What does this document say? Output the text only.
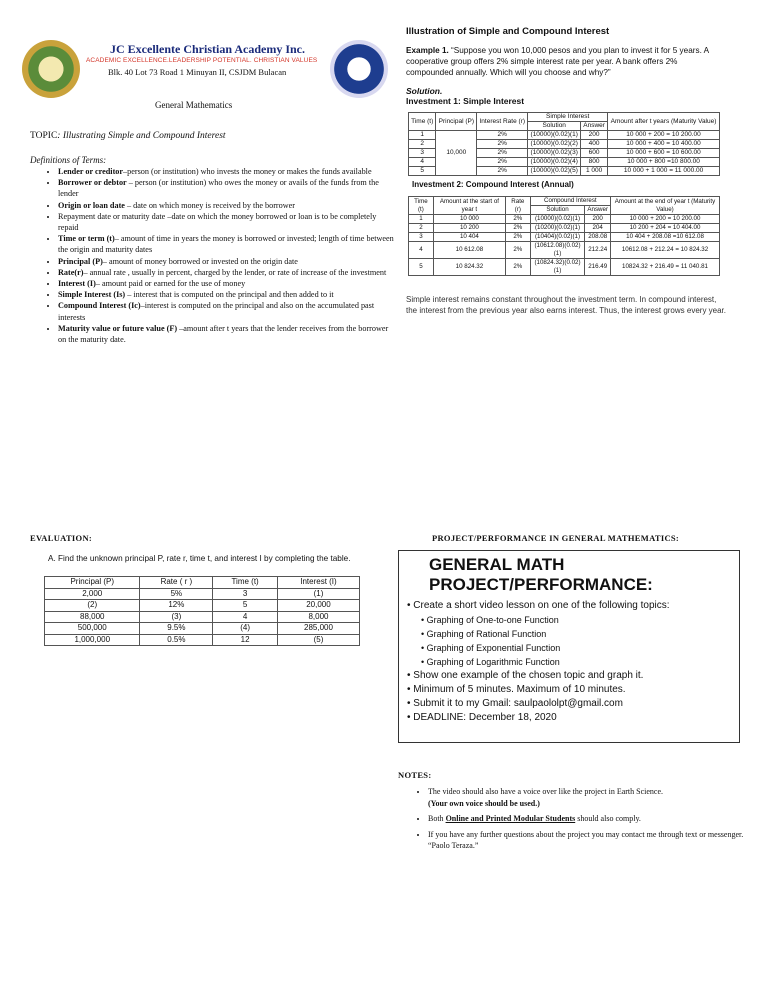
JC Excellente Christian Academy Inc.
ACADEMIC EXCELLENCE.LEADERSHIP POTENTIAL. CHRISTIAN VALUES
Blk. 40 Lot 73 Road 1 Minuyan II, CSJDM Bulacan
General Mathematics
TOPIC: Illustrating Simple and Compound Interest
Definitions of Terms:
• Lender or creditor–person (or institution) who invests the money or makes the funds available
• Borrower or debtor – person (or institution) who owes the money or avails of the funds from the lender
• Origin or loan date – date on which money is received by the borrower
• Repayment date or maturity date –date on which the money borrowed or loan is to be completely repaid
• Time or term (t)– amount of time in years the money is borrowed or invested; length of time between the origin and maturity dates
• Principal (P)– amount of money borrowed or invested on the origin date
• Rate(r)– annual rate , usually in percent, charged by the lender, or rate of increase of the investment
• Interest (I)– amount paid or earned for the use of money
• Simple Interest (Is) – interest that is computed on the principal and then added to it
• Compound Interest (Ic)–interest is computed on the principal and also on the accumulated past interests
• Maturity value or future value (F) –amount after t years that the lender receives from the borrower on the maturity date.
Illustration of Simple and Compound Interest
Example 1. “Suppose you won 10,000 pesos and you plan to invest it for 5 years. A cooperative group offers 2% simple interest rate per year. A bank offers 2% compounded annually. Which will you choose and why?”
Solution.
Investment 1: Simple Interest
Time (t)	Principal (P)	Interest Rate (r)	Simple Interest		Amount after t years (Maturity Value)
			Solution	Answer	
1	10,000	2%	(10000)(0.02)(1)	200	10 000 + 200 = 10 200.00
2		2%	(10000)(0.02)(2)	400	10 000 + 400 = 10 400.00
3		2%	(10000)(0.02)(3)	600	10 000 + 600 = 10 600.00
4		2%	(10000)(0.02)(4)	800	10 000 + 800 =10 800.00
5		2%	(10000)(0.02)(5)	1 000	10 000 + 1 000 = 11 000.00
Investment 2: Compound Interest (Annual)
Time (t)	Amount at the start of year t	Rate (r)	Compound Interest		Amount at the end of year t (Maturity Value)
			Solution	Answer	
1	10 000	2%	(10000)(0.02)(1)	200	10 000 + 200 = 10 200.00
2	10 200	2%	(10200)(0.02)(1)	204	10 200 + 204 = 10 404.00
3	10 404	2%	(10404)(0.02)(1)	208.08	10 404 + 208.08 =10 612.08
4	10 612.08	2%	(10612.08)(0.02)(1)	212.24	10612.08 + 212.24 = 10 824.32
5	10 824.32	2%	(10824.32)(0.02)(1)	216.49	10824.32 + 216.49 = 11 040.81
Simple interest remains constant throughout the investment term. In compound interest, the interest from the previous year also earns interest. Thus, the interest grows every year.
EVALUATION:
A. Find the unknown principal P, rate r, time t, and interest I by completing the table.
Principal (P)	Rate ( r )	Time (t)	Interest (I)
2,000	5%	3	(1)
(2)	12%	5	20,000
88,000	(3)	4	8,000
500,000	9.5%	(4)	285,000
1,000,000	0.5%	12	(5)
PROJECT/PERFORMANCE IN GENERAL MATHEMATICS:
GENERAL MATH
PROJECT/PERFORMANCE:
• Create a short video lesson on one of the following topics:
• Graphing of One-to-one Function
• Graphing of Rational Function
• Graphing of Exponential Function
• Graphing of Logarithmic Function
• Show one example of the chosen topic and graph it.
• Minimum of 5 minutes. Maximum of 10 minutes.
• Submit it to my Gmail: saulpaololpt@gmail.com
• DEADLINE: December 18, 2020
NOTES:
• The video should also have a voice over like the project in Earth Science.
(Your own voice should be used.)
• Both Online and Printed Modular Students should also comply.
• If you have any further questions about the project you may contact me through text or messenger. “Paolo Teraza.”
